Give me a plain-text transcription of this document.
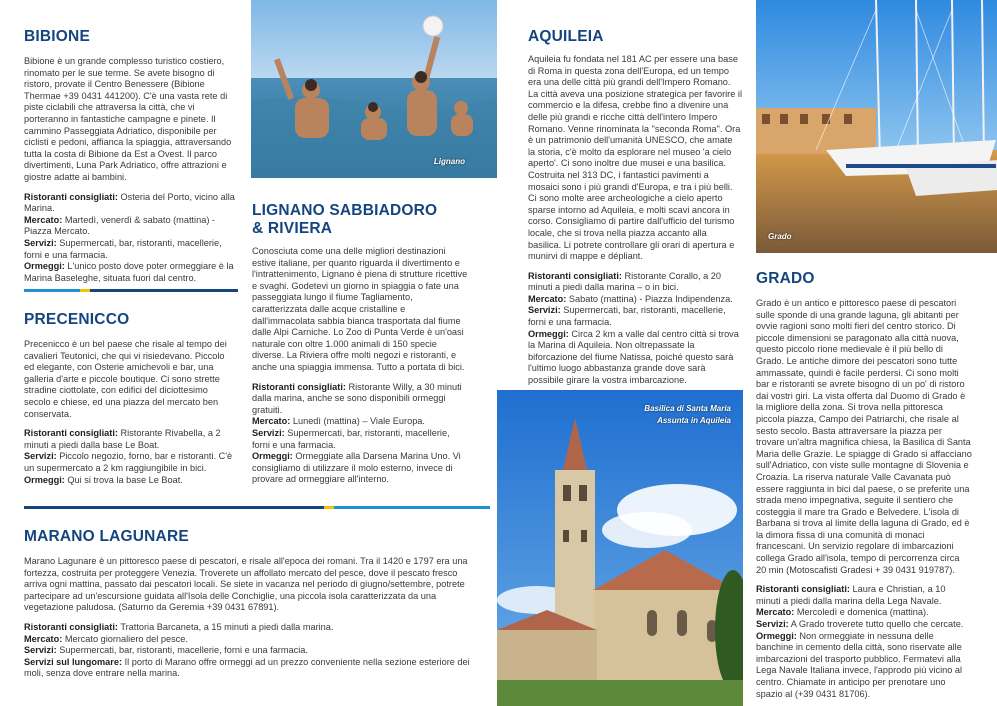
BIBIONE
Bibione è un grande complesso turistico costiero, rinomato per le sue terme. Se avete bisogno di ristoro, provate il Centro Benessere (Bibione Thermae +39 0431 441200). C'è una vasta rete di piste ciclabili che attraversa la città, che vi porteranno in fantastiche campagne e pinete. Il cammino Passeggiata Adriatico, disponibile per ciclisti e pedoni, affianca la spiaggia, attraversando tutta la costa di Bibione da Est a Ovest. Il parco divertimenti, Luna Park Adriatico, offre attrazioni e giostre adatte ai bambini.
Ristoranti consigliati: Osteria del Porto, vicino alla Marina.
Mercato: Martedì, venerdì & sabato (mattina) - Piazza Mercato.
Servizi: Supermercati, bar, ristoranti, macellerie, forni e una farmacia.
Ormeggi: L'unico posto dove poter ormeggiare è la Marina Baseleghe, situata fuori dal centro.
PRECENICCO
Precenicco è un bel paese che risale al tempo dei cavalieri Teutonici, che qui vi risiedevano. Piccolo ed elegante, con Osterie amichevoli e bar, una galleria d'arte e piccole boutique. Ci sono strette stradine ciottolate, con edifici del diciottesimo secolo e chiese, ed una piazza del mercato ben conservata.
Ristoranti consigliati: Ristorante Rivabella, a 2 minuti a piedi dalla base Le Boat.
Servizi: Piccolo negozio, forno, bar e ristoranti. C'è un supermercato a 2 km raggiungibile in bici.
Ormeggi: Qui si trova la base Le Boat.
MARANO LAGUNARE
Marano Lagunare è un pittoresco paese di pescatori, e risale all'epoca dei romani. Tra il 1420 e 1797 era una fortezza, costruita per proteggere Venezia. Troverete un affollato mercato del pesce, dove il pescato fresco arriva ogni mattina, passato dai pescatori locali. Se siete in vacanza nel periodo di giugno/settembre, potrete partecipare ad un'escursione guidata all'Isola delle Conchiglie, una piccola isola caratterizzata da una vegetazione paludosa. (Saturno da Geremia +39 0431 67891).
Ristoranti consigliati: Trattoria Barcaneta, a 15 minuti a piedi dalla marina.
Mercato: Mercato giornaliero del pesce.
Servizi: Supermercati, bar, ristoranti, macellerie, forni e una farmacia.
Servizi sul lungomare: Il porto di Marano offre ormeggi ad un prezzo conveniente nella sezione esteriore dei moli, senza dove entrare nella marina.
Lignano
LIGNANO SABBIADORO
& RIVIERA
Conosciuta come una delle migliori destinazioni estive italiane, per quanto riguarda il divertimento e l'intrattenimento, Lignano è piena di strutture ricettive e svaghi. Godetevi un giorno in spiaggia o fate una passeggiata lungo il fiume Tagliamento, caratterizzata dalle acque cristalline e dall'immacolata sabbia bianca trasportata dal fiume dalle Alpi Carniche. Lo Zoo di Punta Verde è un'oasi naturale con oltre 1.000 animali di 150 specie diverse. La Riviera offre molti negozi e ristoranti, e anche una spiaggia immensa. Tutto a portata di bici.
Ristoranti consigliati: Ristorante Willy, a 30 minuti dalla marina, anche se sono disponibili ormeggi gratuiti.
Mercato: Lunedì (mattina) – Viale Europa.
Servizi: Supermercati, bar, ristoranti, macellerie, forni e una farmacia.
Ormeggi: Ormeggiate alla Darsena Marina Uno. Vi consigliamo di utilizzare il molo esterno, invece di provare ad ormeggiare all'interno.
AQUILEIA
Aquileia fu fondata nel 181 AC per essere una base di Roma in questa zona dell'Europa, ed un tempo era una delle città più grandi dell'Impero Romano. La città aveva una posizione strategica per favorire il commercio e la difesa, crebbe fino a divenire una delle più grandi e ricche città dell'intero Impero Romano. Venne rinominata la "seconda Roma". Ora è un patrimonio dell'umanità UNESCO, che amate la storia, c'è molto da esplorare nel museo 'a cielo aperto'. Ci sono inoltre due musei e una basilica. Costruita nel 313 DC, i fantastici pavimenti a mosaici sono i più grandi d'Europa, e tra i più belli. Ci sono molte aree archeologiche a cielo aperto sparse intorno ad Aquileia, e molti scavi ancora in corso. Consigliamo di partire dall'ufficio del turismo locale, che si trova nella piazza accanto alla basilica. Li potrete controllare gli orari di apertura e munirvi di mappe e dépliant.
Ristoranti consigliati: Ristorante Corallo, a 20 minuti a piedi dalla marina – o in bici.
Mercato: Sabato (mattina) - Piazza Indipendenza.
Servizi: Supermercati, bar, ristoranti, macellerie, forni e una farmacia.
Ormeggi: Circa 2 km a valle dal centro città si trova la Marina di Aquileia. Non oltrepassate la biforcazione del fiume Natissa, poiché questo sarà l'ultimo luogo abbastanza grande dove sarà possibile girare la vostra imbarcazione.
Basilica di Santa Maria
Assunta in Aquileia
Grado
GRADO
Grado è un antico e pittoresco paese di pescatori sulle sponde di una grande laguna, gli abitanti per ovvie ragioni sono molti fieri del centro storico. Di piccole dimensioni se paragonato alla città nuova, questo piccolo rione medievale è il più bello di Grado. Le antiche dimore dei pescatori sono tutte ammassate, quindi è facile perdersi. Ci sono molti bar e ristoranti se avrete bisogno di un po' di ristoro dai vostri giri. La vista offerta dal Duomo di Grado è la migliore della zona. Si trova nella pittoresca piccola piazza, Campo dei Patriarchi, che risale al sesto secolo. Basta attraversare la piazza per trovare un'altra magnifica chiesa, la Basilica di Santa Maria delle Grazie. Le spiagge di Grado si affacciano sull'Adriatico, con viste sulle montagne di Slovenia e Croazia. La riserva naturale Valle Cavanata può essere raggiunta in bici dal paese, o se preferite una strada meno impegnativa, seguite il sentiero che costeggia il mare tra Grado e Belvedere. L'isola di Barbana si trova al limite della laguna di Grado, ed è la dimora fissa di una comunità di monaci francescani. Un servizio regolare di imbarcazioni collega Grado all'isola, tempo di percorrenza circa 20 min (Motoscafisti Gradesi + 39 0431 919787).
Ristoranti consigliati: Laura e Christian, a 10 minuti a piedi dalla marina della Lega Navale.
Mercato: Mercoledì e domenica (mattina).
Servizi: A Grado troverete tutto quello che cercate.
Ormeggi: Non ormeggiate in nessuna delle banchine in cemento della città, sono riservate alle imbarcazioni del trasporto pubblico. Fermatevi alla Lega Navale Italiana invece, l'approdo più vicino al centro. Chiamate in anticipo per prenotare uno spazio al (+39 0431 81706).
